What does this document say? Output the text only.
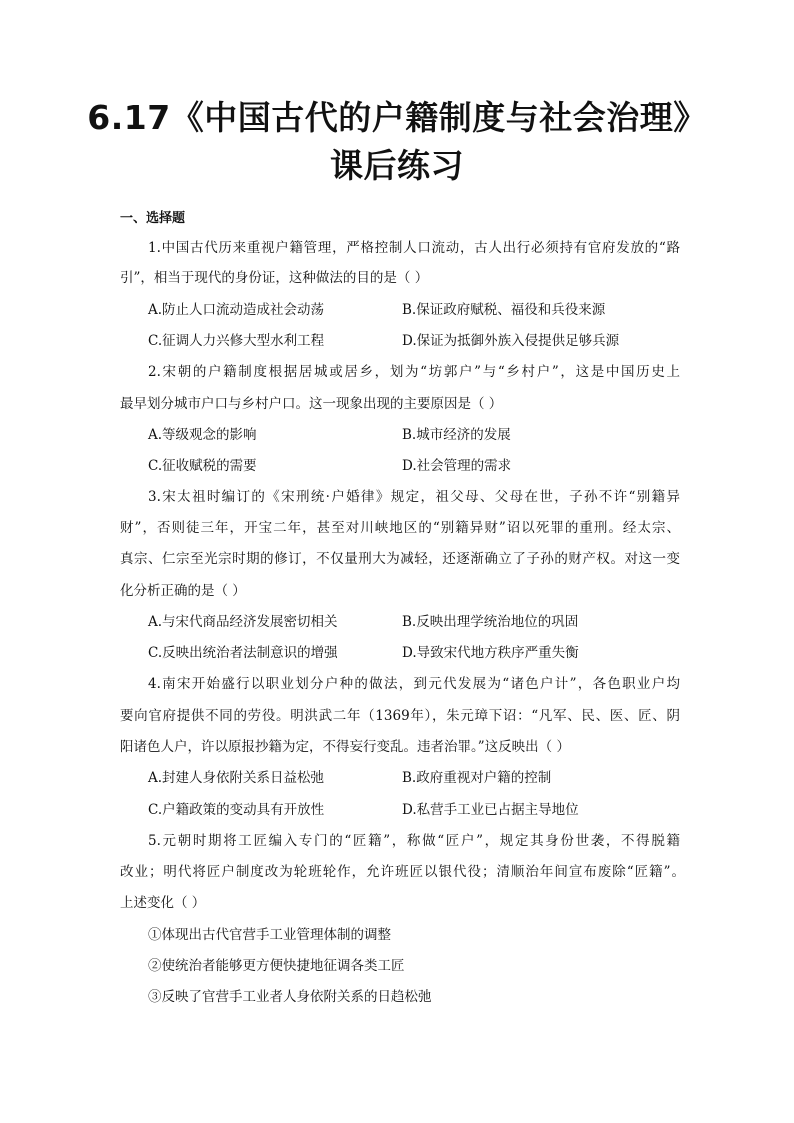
6.17《中国古代的户籍制度与社会治理》
课后练习
一、选择题
1.中国古代历来重视户籍管理，严格控制人口流动，古人出行必须持有官府发放的“路
引”，相当于现代的身份证，这种做法的目的是（ ）
A.防止人口流动造成社会动荡	B.保证政府赋税、福役和兵役来源
C.征调人力兴修大型水利工程	D.保证为抵御外族入侵提供足够兵源
2.宋朝的户籍制度根据居城或居乡，划为“坊郭户”与“乡村户”，这是中国历史上
最早划分城市户口与乡村户口。这一现象出现的主要原因是（ ）
A.等级观念的影响	B.城市经济的发展
C.征收赋税的需要	D.社会管理的需求
3.宋太祖时编订的《宋刑统·户婚律》规定，祖父母、父母在世，子孙不许“别籍异
财”，否则徒三年，开宝二年，甚至对川峡地区的“别籍异财”诏以死罪的重刑。经太宗、
真宗、仁宗至光宗时期的修订，不仅量刑大为减轻，还逐渐确立了子孙的财产权。对这一变
化分析正确的是（ ）
A.与宋代商品经济发展密切相关	B.反映出理学统治地位的巩固
C.反映出统治者法制意识的增强	D.导致宋代地方秩序严重失衡
4.南宋开始盛行以职业划分户种的做法，到元代发展为“诸色户计”，各色职业户均
要向官府提供不同的劳役。明洪武二年（1369年），朱元璋下诏：“凡军、民、医、匠、阴
阳诸色人户，许以原报抄籍为定，不得妄行变乱。违者治罪。”这反映出（ ）
A.封建人身依附关系日益松弛	B.政府重视对户籍的控制
C.户籍政策的变动具有开放性	D.私营手工业已占据主导地位
5.元朝时期将工匠编入专门的“匠籍”，称做“匠户”，规定其身份世袭，不得脱籍
改业；明代将匠户制度改为轮班轮作，允许班匠以银代役；清顺治年间宣布废除“匠籍”。
上述变化（ ）
①体现出古代官营手工业管理体制的调整
②使统治者能够更方便快捷地征调各类工匠
③反映了官营手工业者人身依附关系的日趋松弛
